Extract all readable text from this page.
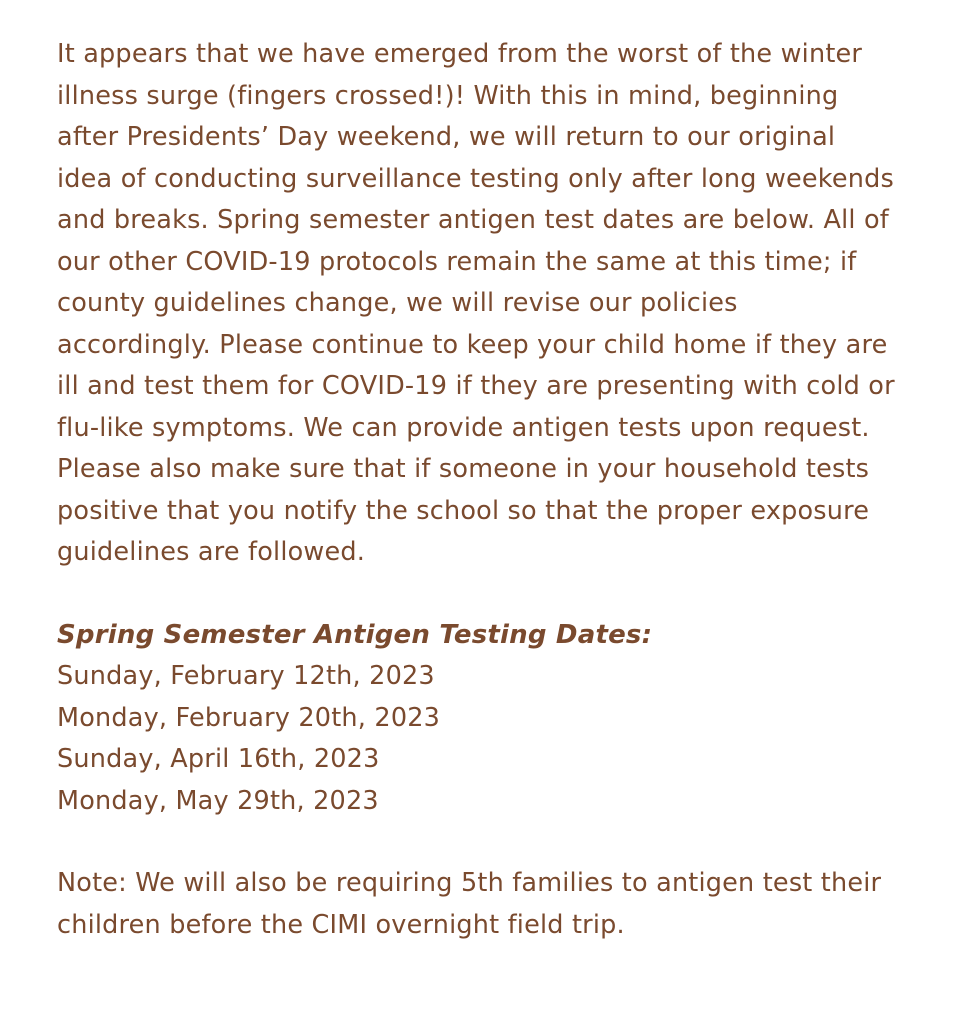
It appears that we have emerged from the worst of the winter illness surge (fingers crossed!)! With this in mind, beginning after Presidents’ Day weekend, we will return to our original idea of conducting surveillance testing only after long weekends and breaks. Spring semester antigen test dates are below. All of our other COVID-19 protocols remain the same at this time; if county guidelines change, we will revise our policies accordingly. Please continue to keep your child home if they are ill and test them for COVID-19 if they are presenting with cold or flu-like symptoms. We can provide antigen tests upon request. Please also make sure that if someone in your household tests positive that you notify the school so that the proper exposure guidelines are followed.

Spring Semester Antigen Testing Dates:
Sunday, February 12th, 2023
Monday, February 20th, 2023
Sunday, April 16th, 2023
Monday, May 29th, 2023

Note: We will also be requiring 5th families to antigen test their children before the CIMI overnight field trip.
